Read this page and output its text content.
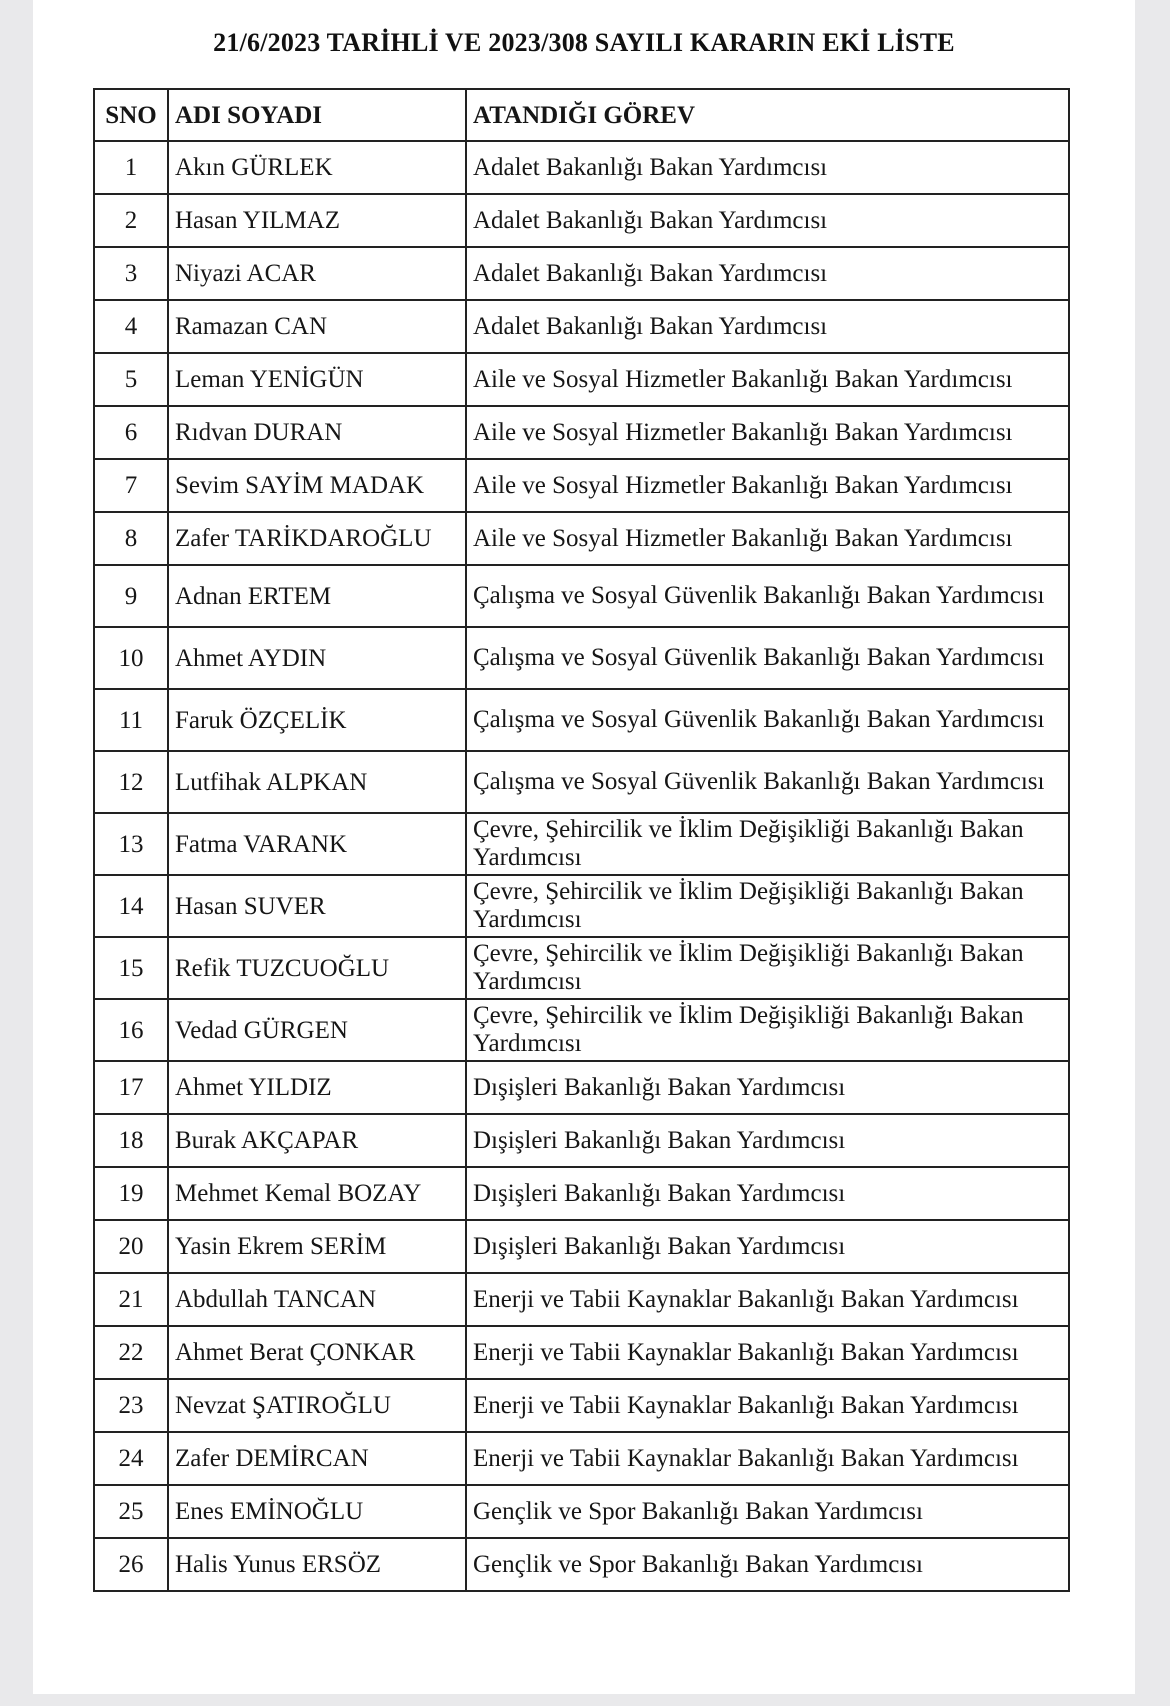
21/6/2023 TARİHLİ VE 2023/308 SAYILI KARARIN EKİ LİSTE
SNO	ADI SOYADI	ATANDIĞI GÖREV
1	Akın GÜRLEK	Adalet Bakanlığı Bakan Yardımcısı
2	Hasan YILMAZ	Adalet Bakanlığı Bakan Yardımcısı
3	Niyazi ACAR	Adalet Bakanlığı Bakan Yardımcısı
4	Ramazan CAN	Adalet Bakanlığı Bakan Yardımcısı
5	Leman YENİGÜN	Aile ve Sosyal Hizmetler Bakanlığı Bakan Yardımcısı
6	Rıdvan DURAN	Aile ve Sosyal Hizmetler Bakanlığı Bakan Yardımcısı
7	Sevim SAYİM MADAK	Aile ve Sosyal Hizmetler Bakanlığı Bakan Yardımcısı
8	Zafer TARİKDAROĞLU	Aile ve Sosyal Hizmetler Bakanlığı Bakan Yardımcısı
9	Adnan ERTEM	Çalışma ve Sosyal Güvenlik Bakanlığı Bakan Yardımcısı
10	Ahmet AYDIN	Çalışma ve Sosyal Güvenlik Bakanlığı Bakan Yardımcısı
11	Faruk ÖZÇELİK	Çalışma ve Sosyal Güvenlik Bakanlığı Bakan Yardımcısı
12	Lutfihak ALPKAN	Çalışma ve Sosyal Güvenlik Bakanlığı Bakan Yardımcısı
13	Fatma VARANK	Çevre, Şehircilik ve İklim Değişikliği Bakanlığı Bakan Yardımcısı
14	Hasan SUVER	Çevre, Şehircilik ve İklim Değişikliği Bakanlığı Bakan Yardımcısı
15	Refik TUZCUOĞLU	Çevre, Şehircilik ve İklim Değişikliği Bakanlığı Bakan Yardımcısı
16	Vedad GÜRGEN	Çevre, Şehircilik ve İklim Değişikliği Bakanlığı Bakan Yardımcısı
17	Ahmet YILDIZ	Dışişleri Bakanlığı Bakan Yardımcısı
18	Burak AKÇAPAR	Dışişleri Bakanlığı Bakan Yardımcısı
19	Mehmet Kemal BOZAY	Dışişleri Bakanlığı Bakan Yardımcısı
20	Yasin Ekrem SERİM	Dışişleri Bakanlığı Bakan Yardımcısı
21	Abdullah TANCAN	Enerji ve Tabii Kaynaklar Bakanlığı Bakan Yardımcısı
22	Ahmet Berat ÇONKAR	Enerji ve Tabii Kaynaklar Bakanlığı Bakan Yardımcısı
23	Nevzat ŞATIROĞLU	Enerji ve Tabii Kaynaklar Bakanlığı Bakan Yardımcısı
24	Zafer DEMİRCAN	Enerji ve Tabii Kaynaklar Bakanlığı Bakan Yardımcısı
25	Enes EMİNOĞLU	Gençlik ve Spor Bakanlığı Bakan Yardımcısı
26	Halis Yunus ERSÖZ	Gençlik ve Spor Bakanlığı Bakan Yardımcısı
